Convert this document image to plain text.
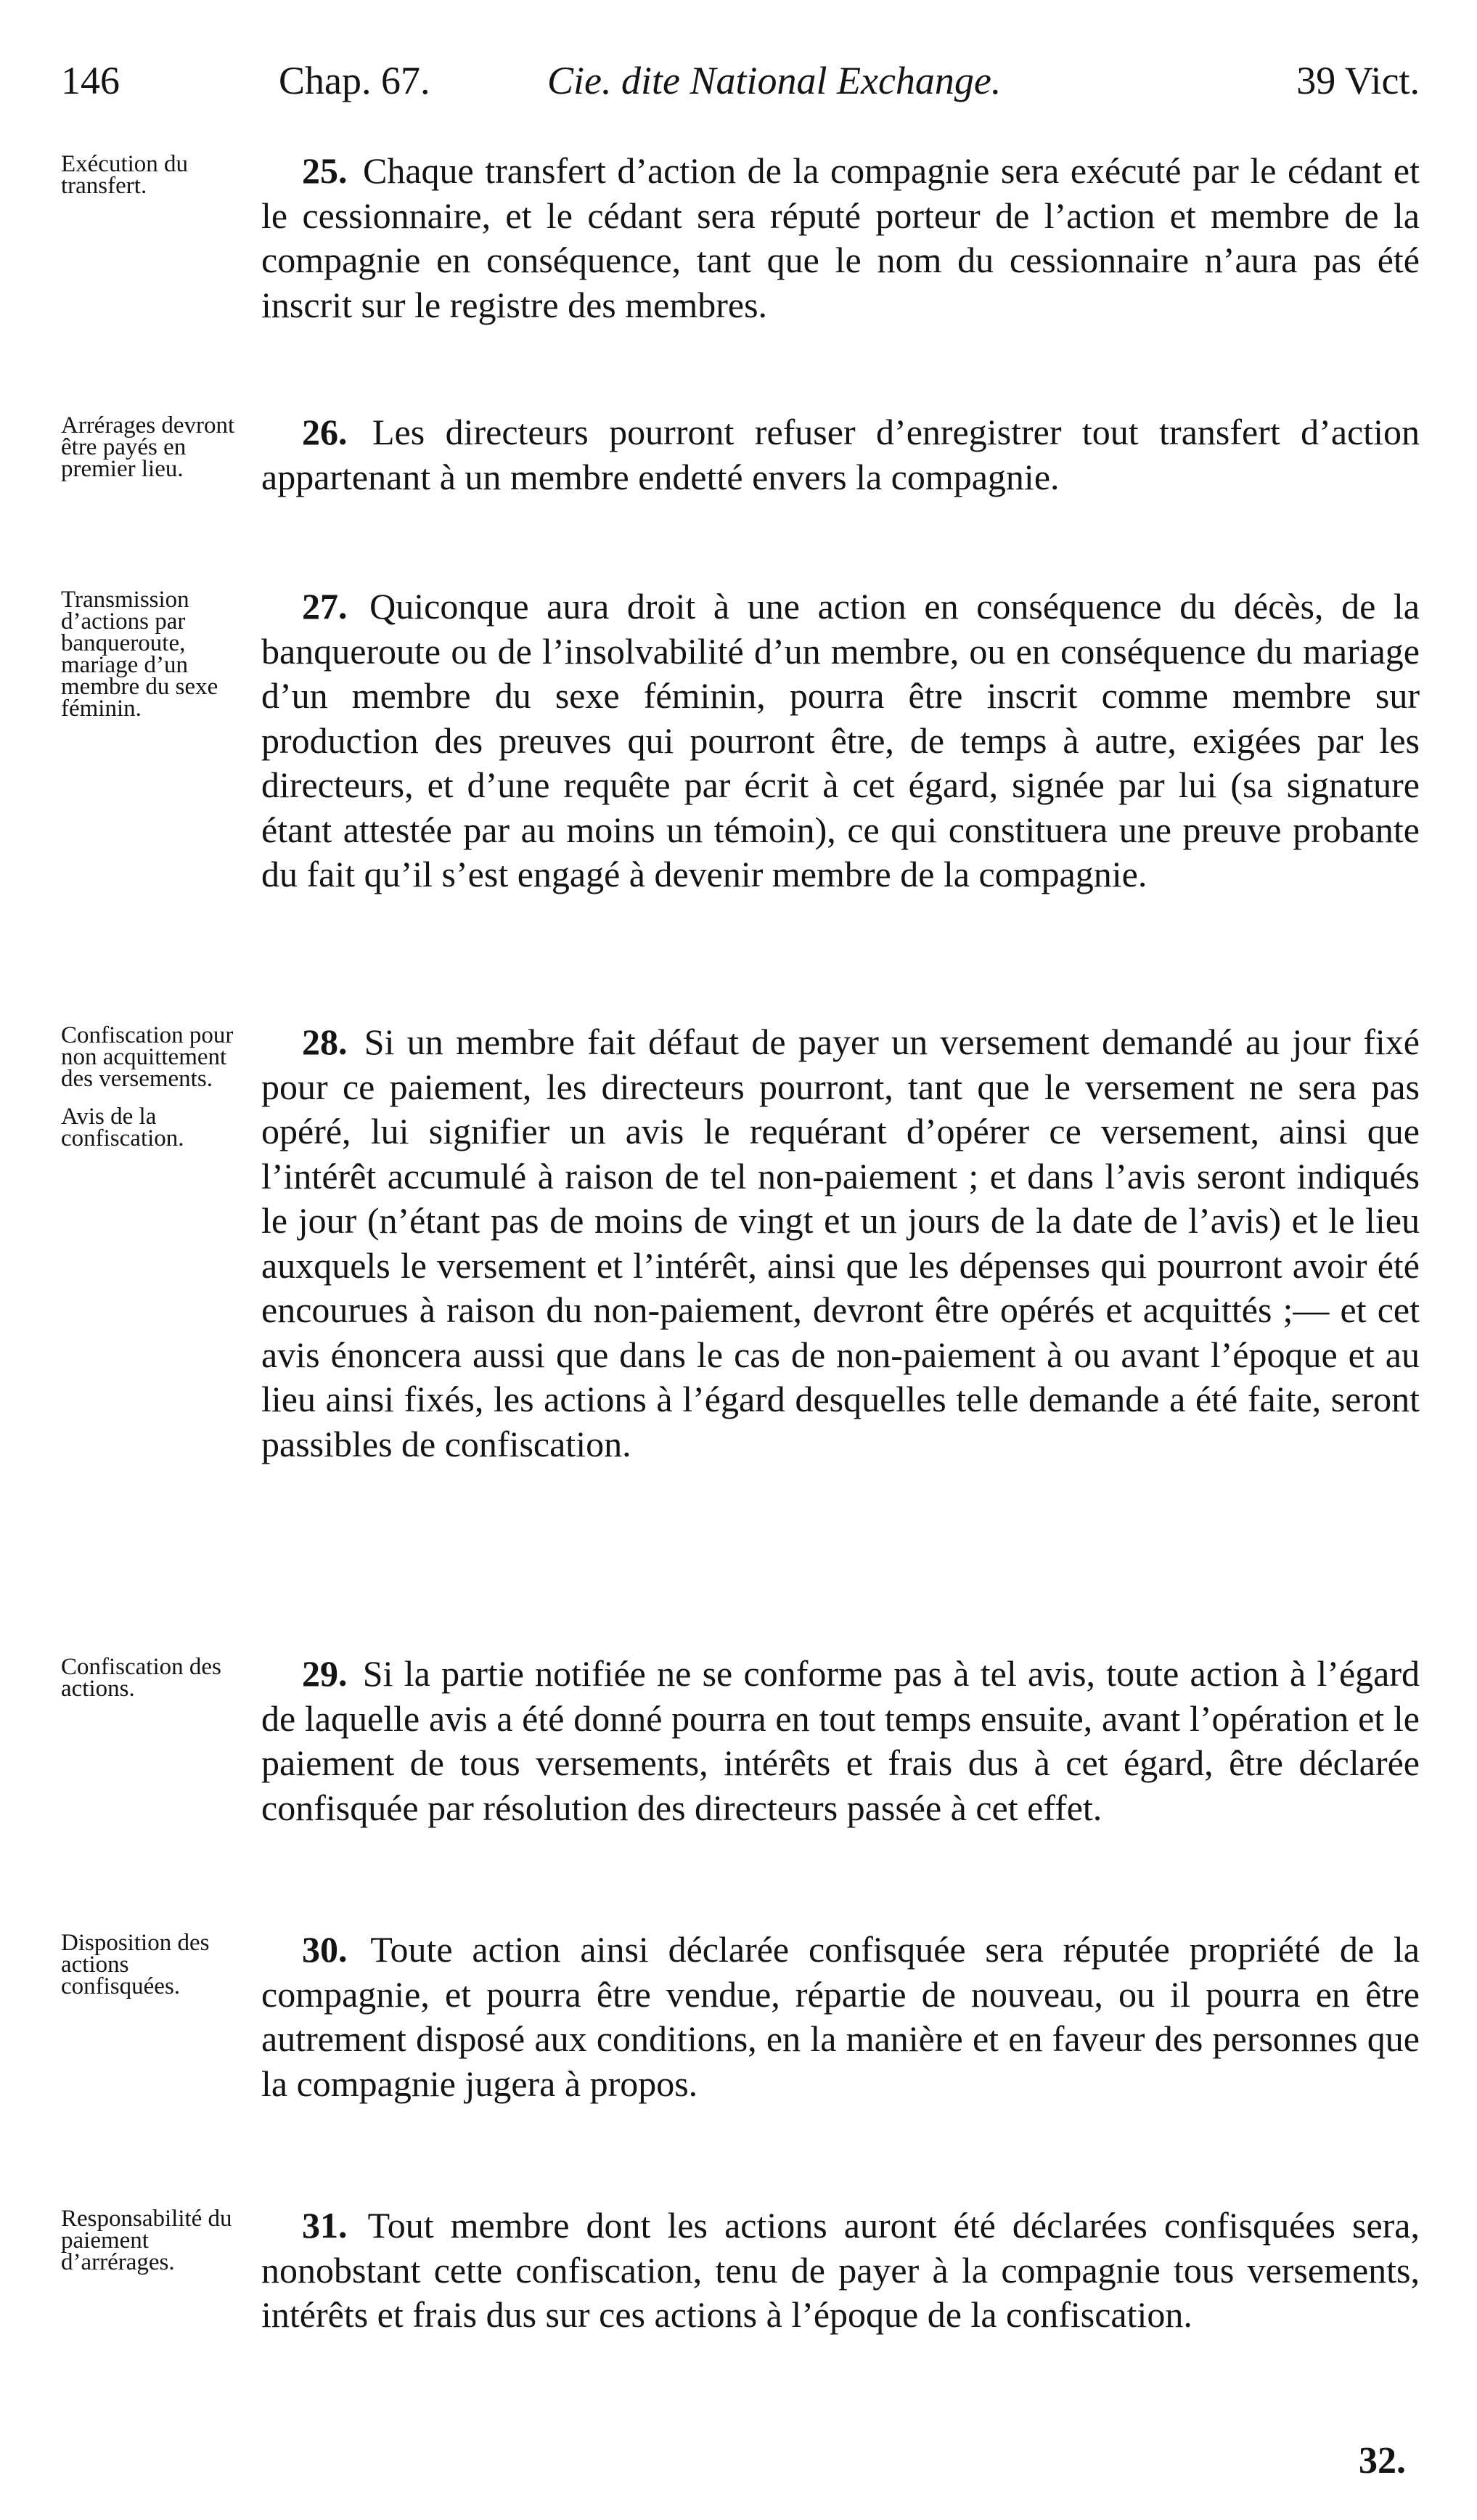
146	Chap. 67.	Cie. dite National Exchange.	39 Vict.
Exécution du transfert.	25. Chaque transfert d’action de la compagnie sera exécuté par le cédant et le cessionnaire, et le cédant sera réputé porteur de l’action et membre de la compagnie en conséquence, tant que le nom du cessionnaire n’aura pas été inscrit sur le registre des membres.
Arrérages devront être payés en premier lieu.
26. Les directeurs pourront refuser d’enregistrer tout transfert d’action appartenant à un membre endetté envers la compagnie.
Transmission d’actions par banqueroute, mariage d’un membre du sexe féminin.
27. Quiconque aura droit à une action en conséquence du décès, de la banqueroute ou de l’insolvabilité d’un membre, ou en conséquence du mariage d’un membre du sexe féminin, pourra être inscrit comme membre sur production des preuves qui pourront être, de temps à autre, exigées par les directeurs, et d’une requête par écrit à cet égard, signée par lui (sa signature étant attestée par au moins un témoin), ce qui constituera une preuve probante du fait qu’il s’est engagé à devenir membre de la compagnie.
Confiscation pour non acquittement des versements.
Avis de la confiscation.
28. Si un membre fait défaut de payer un versement demandé au jour fixé pour ce paiement, les directeurs pourront, tant que le versement ne sera pas opéré, lui signifier un avis le requérant d’opérer ce versement, ainsi que l’intérêt accumulé à raison de tel non-paiement ; et dans l’avis seront indiqués le jour (n’étant pas de moins de vingt et un jours de la date de l’avis) et le lieu auxquels le versement et l’intérêt, ainsi que les dépenses qui pourront avoir été encourues à raison du non-paiement, devront être opérés et acquittés ;— et cet avis énoncera aussi que dans le cas de non-paiement à ou avant l’époque et au lieu ainsi fixés, les actions à l’égard desquelles telle demande a été faite, seront passibles de confiscation.
Confiscation des actions.	29. Si la partie notifiée ne se conforme pas à tel avis, toute action à l’égard de laquelle avis a été donné pourra en tout temps ensuite, avant l’opération et le paiement de tous versements, intérêts et frais dus à cet égard, être déclarée confisquée par résolution des directeurs passée à cet effet.
Disposition des actions confisquées.
30. Toute action ainsi déclarée confisquée sera réputée propriété de la compagnie, et pourra être vendue, répartie de nouveau, ou il pourra en être autrement disposé aux conditions, en la manière et en faveur des personnes que la compagnie jugera à propos.
Responsabilité du paiement d’arrérages.
31. Tout membre dont les actions auront été déclarées confisquées sera, nonobstant cette confiscation, tenu de payer à la compagnie tous versements, intérêts et frais dus sur ces actions à l’époque de la confiscation.
32.
